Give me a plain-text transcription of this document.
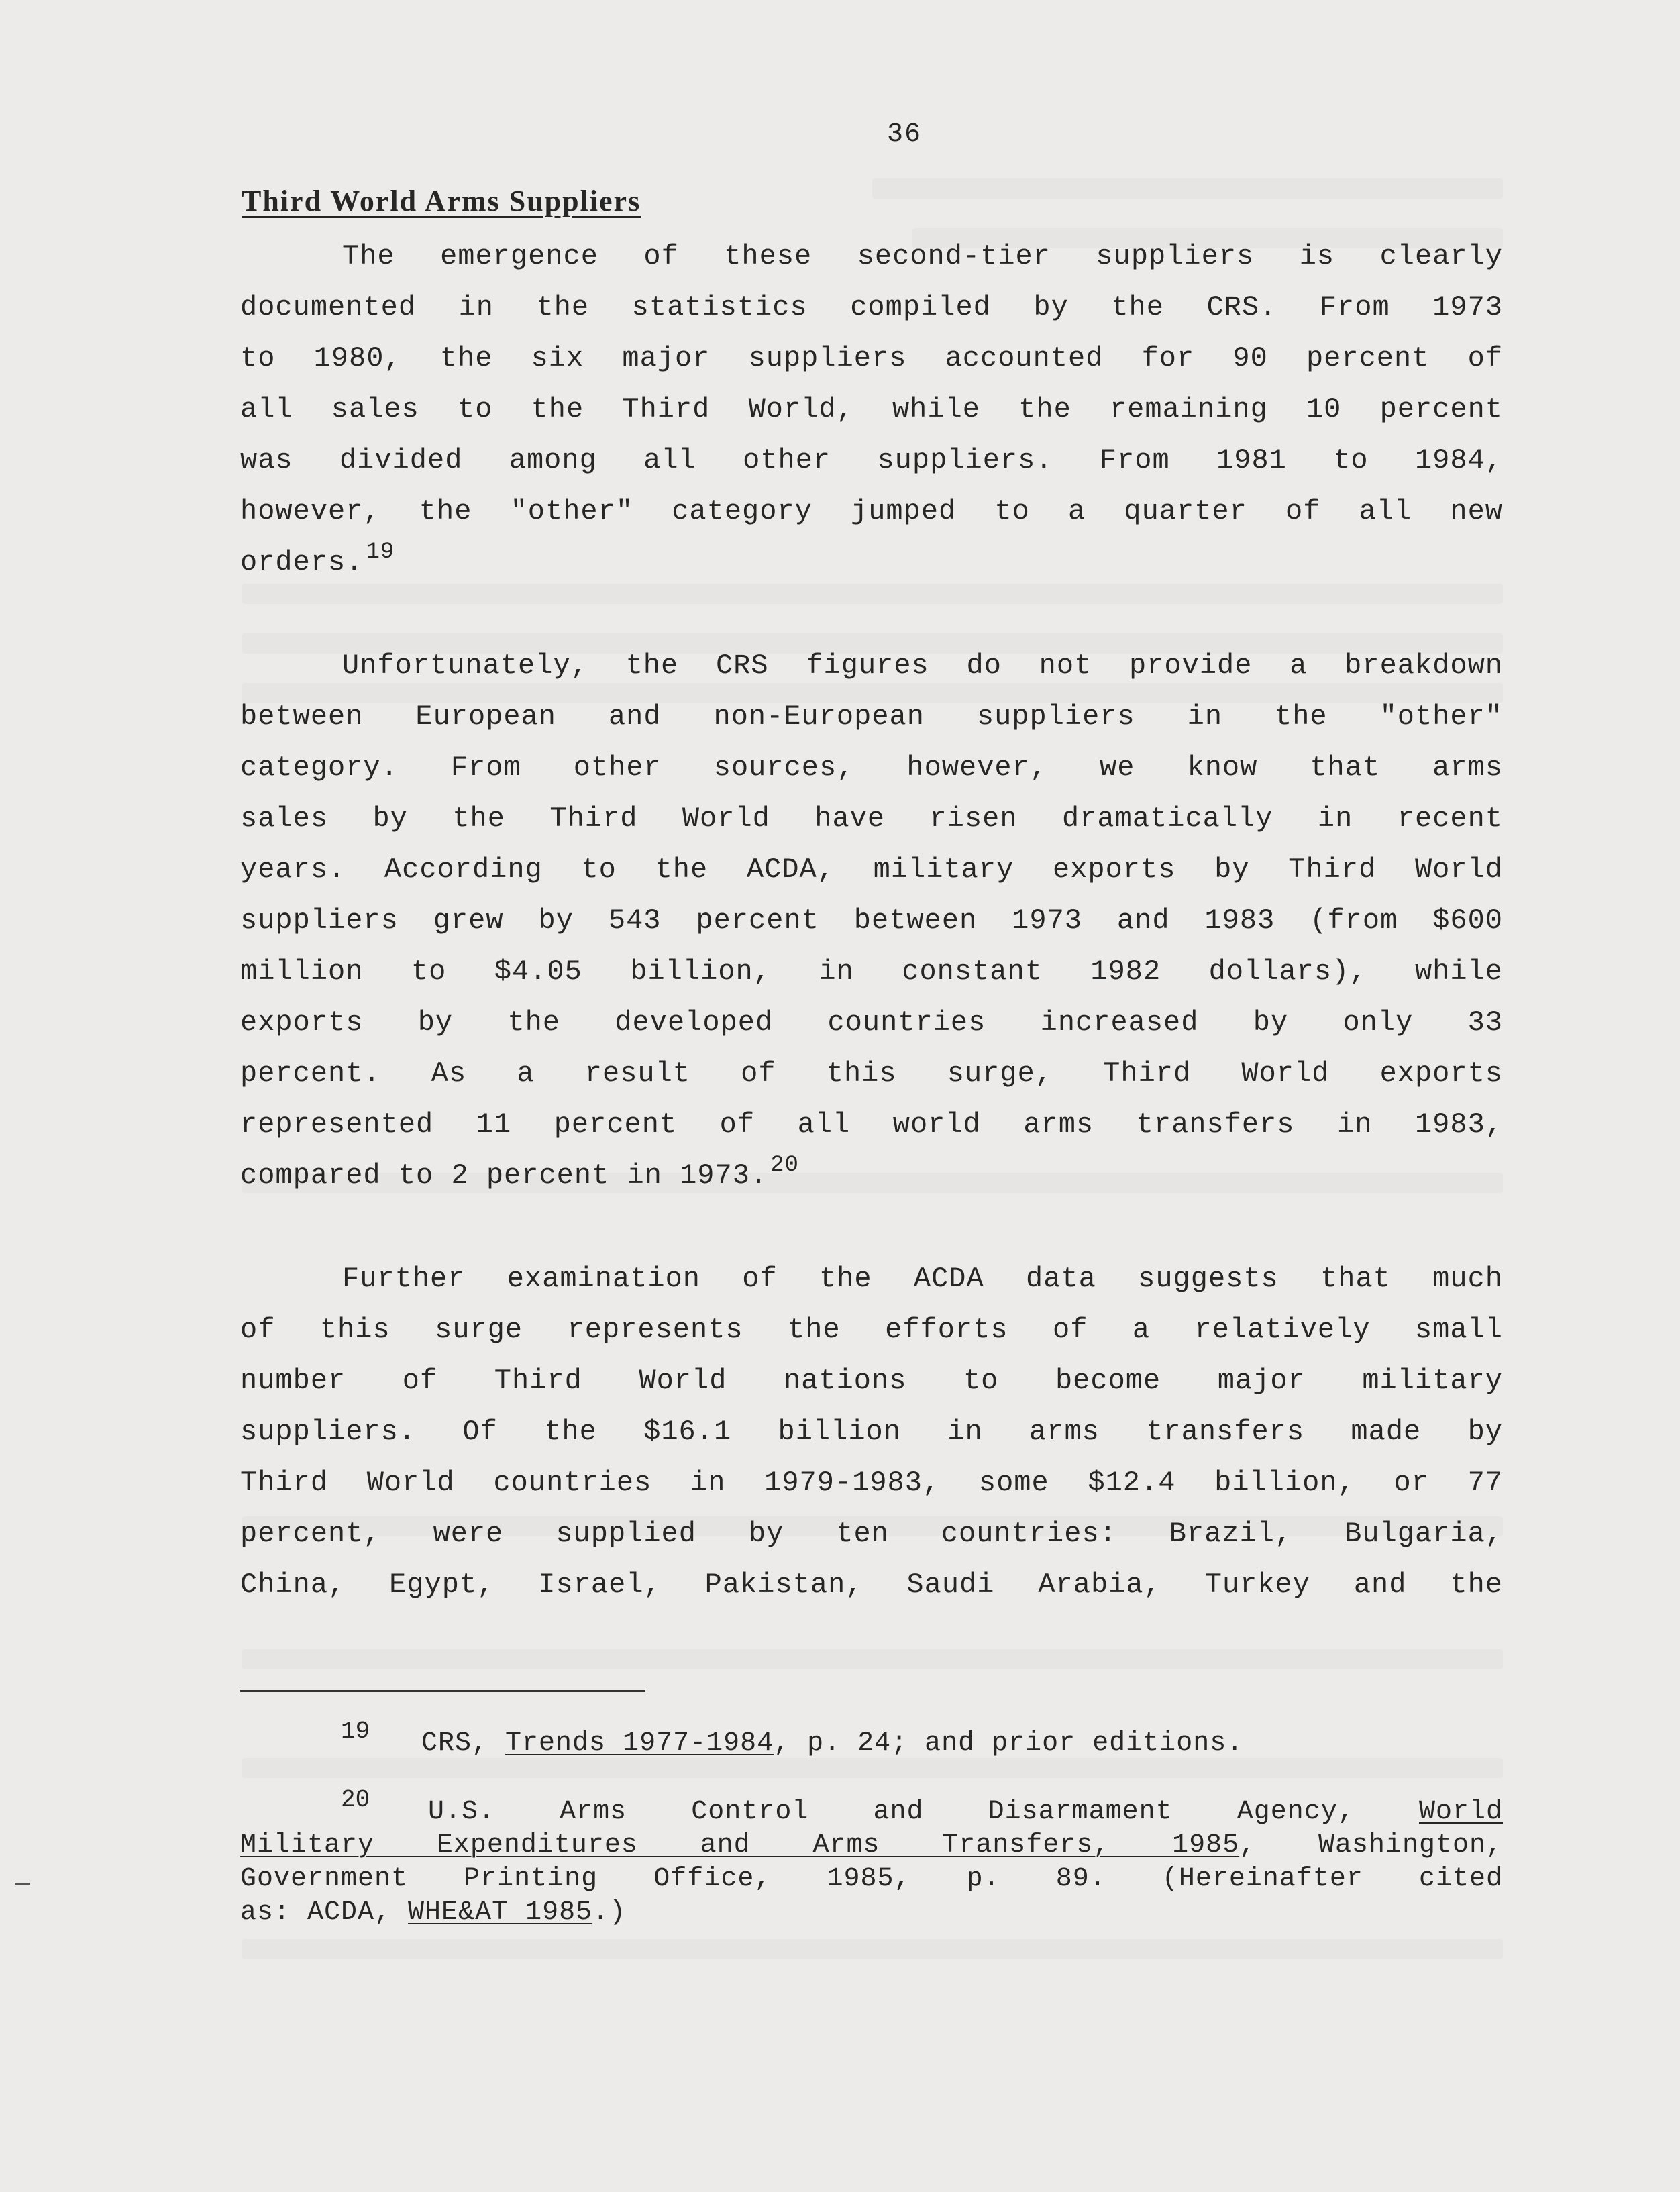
36
Third World Arms Suppliers
The emergence of these second-tier suppliers is clearly
documented in the statistics compiled by the CRS. From 1973
to 1980, the six major suppliers accounted for 90 percent of
all sales to the Third World, while the remaining 10 percent
was divided among all other suppliers. From 1981 to 1984,
however, the "other" category jumped to a quarter of all new
orders. $^{19}$
Unfortunately, the CRS figures do not provide a breakdown
between European and non-European suppliers in the "other"
category. From other sources, however, we know that arms
sales by the Third World have risen dramatically in recent
years. According to the ACDA, military exports by Third World
suppliers grew by 543 percent between 1973 and 1983 (from $600
million to $4.05 billion, in constant 1982 dollars), while
exports by the developed countries increased by only 33
percent. As a result of this surge, Third World exports
represented 11 percent of all world arms transfers in 1983,
compared to 2 percent in 1973. $^{20}$
Further examination of the ACDA data suggests that much
of this surge represents the efforts of a relatively small
number of Third World nations to become major military
suppliers. Of the $16.1 billion in arms transfers made by
Third World countries in 1979-1983, some $12.4 billion, or 77
percent, were supplied by ten countries: Brazil, Bulgaria,
China, Egypt, Israel, Pakistan, Saudi Arabia, Turkey and the
19 CRS, Trends 1977-1984, p. 24; and prior editions.
20 U.S. Arms Control and Disarmament Agency, World
Military Expenditures and Arms Transfers, 1985, Washington,
Government Printing Office, 1985, p. 89. (Hereinafter cited
as: ACDA, WHE&AT 1985.)
